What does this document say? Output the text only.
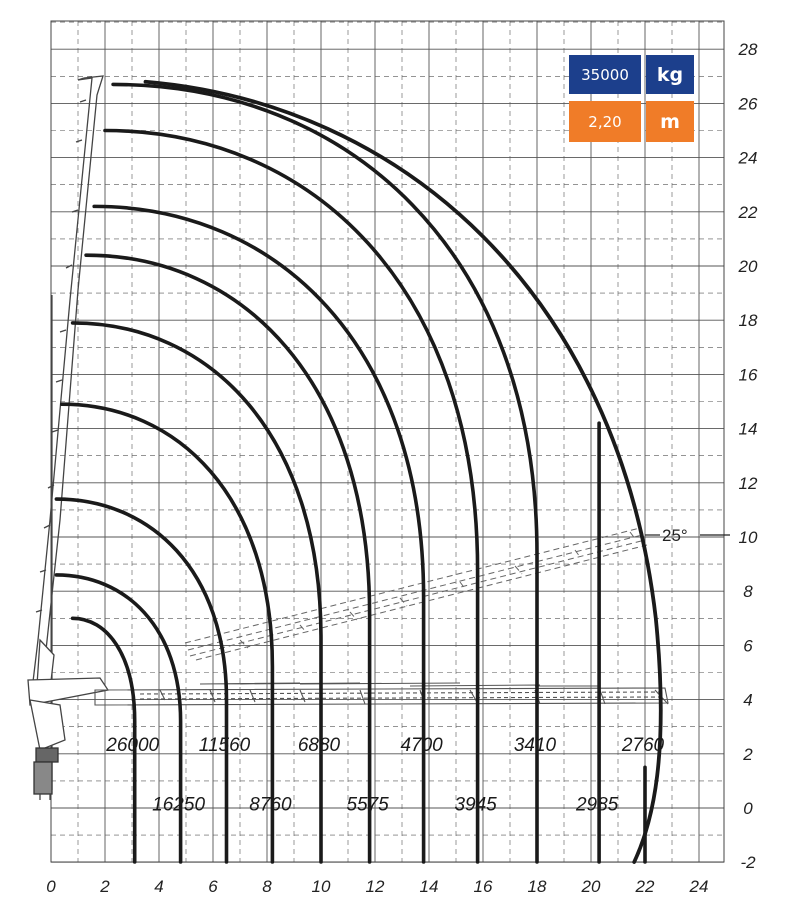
0	2	4	6	8 10 12 14 16 18 20 22 24
28
26
24
22
20
18
16
14
12
10
8
6
4
2
0
-2
26000
16250
11560
8760
6880
5575
4700
3945
3410
2985
2760
25°
35000 kg
2,20 m
